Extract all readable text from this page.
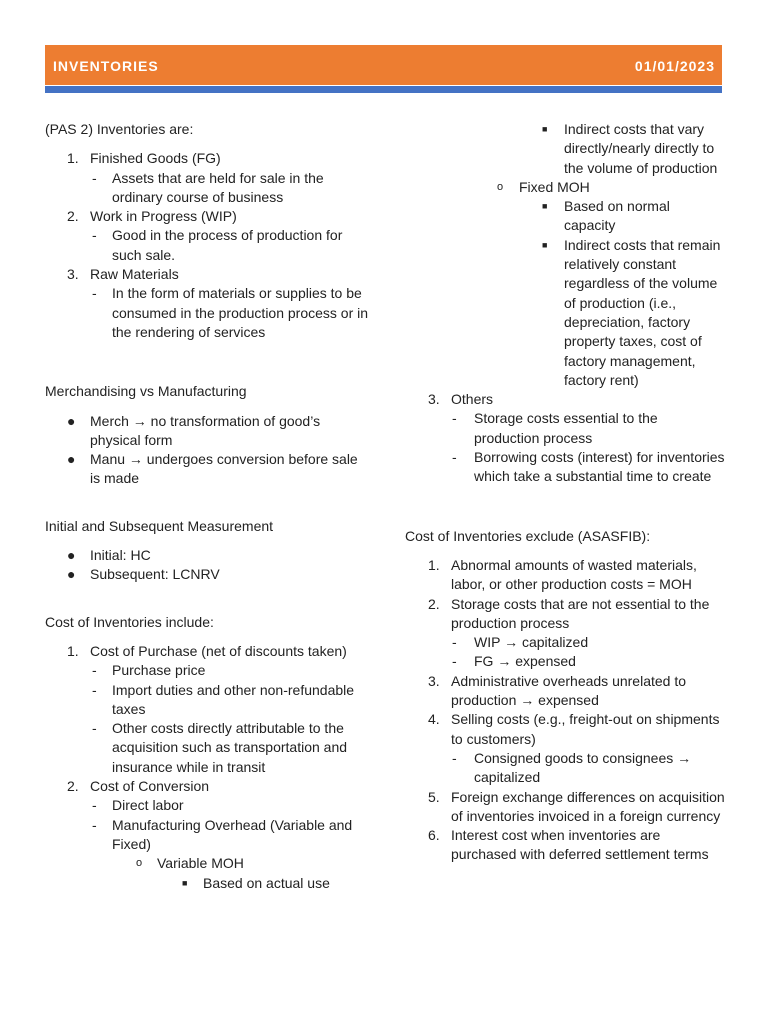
INVENTORIES	01/01/2023

(PAS 2) Inventories are:

1. Finished Goods (FG)
- Assets that are held for sale in the ordinary course of business
2. Work in Progress (WIP)
- Good in the process of production for such sale.
3. Raw Materials
- In the form of materials or supplies to be consumed in the production process or in the rendering of services

Merchandising vs Manufacturing

● Merch → no transformation of good’s physical form
● Manu → undergoes conversion before sale is made

Initial and Subsequent Measurement

● Initial: HC
● Subsequent: LCNRV

Cost of Inventories include:

1. Cost of Purchase (net of discounts taken)
- Purchase price
- Import duties and other non-refundable taxes
- Other costs directly attributable to the acquisition such as transportation and insurance while in transit
2. Cost of Conversion
- Direct labor
- Manufacturing Overhead (Variable and Fixed)
o Variable MOH
■ Based on actual use
■ Indirect costs that vary directly/nearly directly to the volume of production
o Fixed MOH
■ Based on normal capacity
■ Indirect costs that remain relatively constant regardless of the volume of production (i.e., depreciation, factory property taxes, cost of factory management, factory rent)
3. Others
- Storage costs essential to the production process
- Borrowing costs (interest) for inventories which take a substantial time to create

Cost of Inventories exclude (ASASFIB):

1. Abnormal amounts of wasted materials, labor, or other production costs = MOH
2. Storage costs that are not essential to the production process
- WIP → capitalized
- FG → expensed
3. Administrative overheads unrelated to production → expensed
4. Selling costs (e.g., freight-out on shipments to customers)
- Consigned goods to consignees → capitalized
5. Foreign exchange differences on acquisition of inventories invoiced in a foreign currency
6. Interest cost when inventories are purchased with deferred settlement terms
